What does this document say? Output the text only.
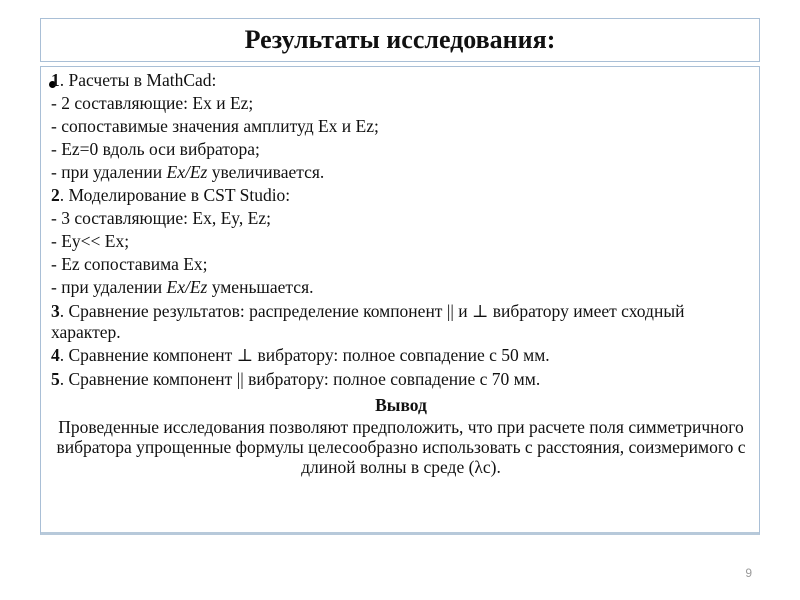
Результаты исследования:
1. Расчеты в MathCad:
- 2 составляющие: Ex и Ez;
- сопоставимые значения амплитуд Ex и Ez;
- Ez=0 вдоль оси вибратора;
- при удалении Ex/Ez увеличивается.
2. Моделирование в CST Studio:
- 3 составляющие: Ex, Ey, Ez;
- Ey<< Ex;
- Ez сопоставима Ex;
- при удалении Ex/Ez уменьшается.
3. Сравнение результатов: распределение компонент || и ⊥ вибратору имеет сходный характер.
4. Сравнение компонент ⊥ вибратору: полное совпадение с 50 мм.
5. Сравнение компонент || вибратору: полное совпадение с 70 мм.
Вывод
Проведенные исследования позволяют предположить, что при расчете поля симметричного вибратора упрощенные формулы целесообразно использовать с расстояния, соизмеримого с длиной волны в среде (λc).
9
